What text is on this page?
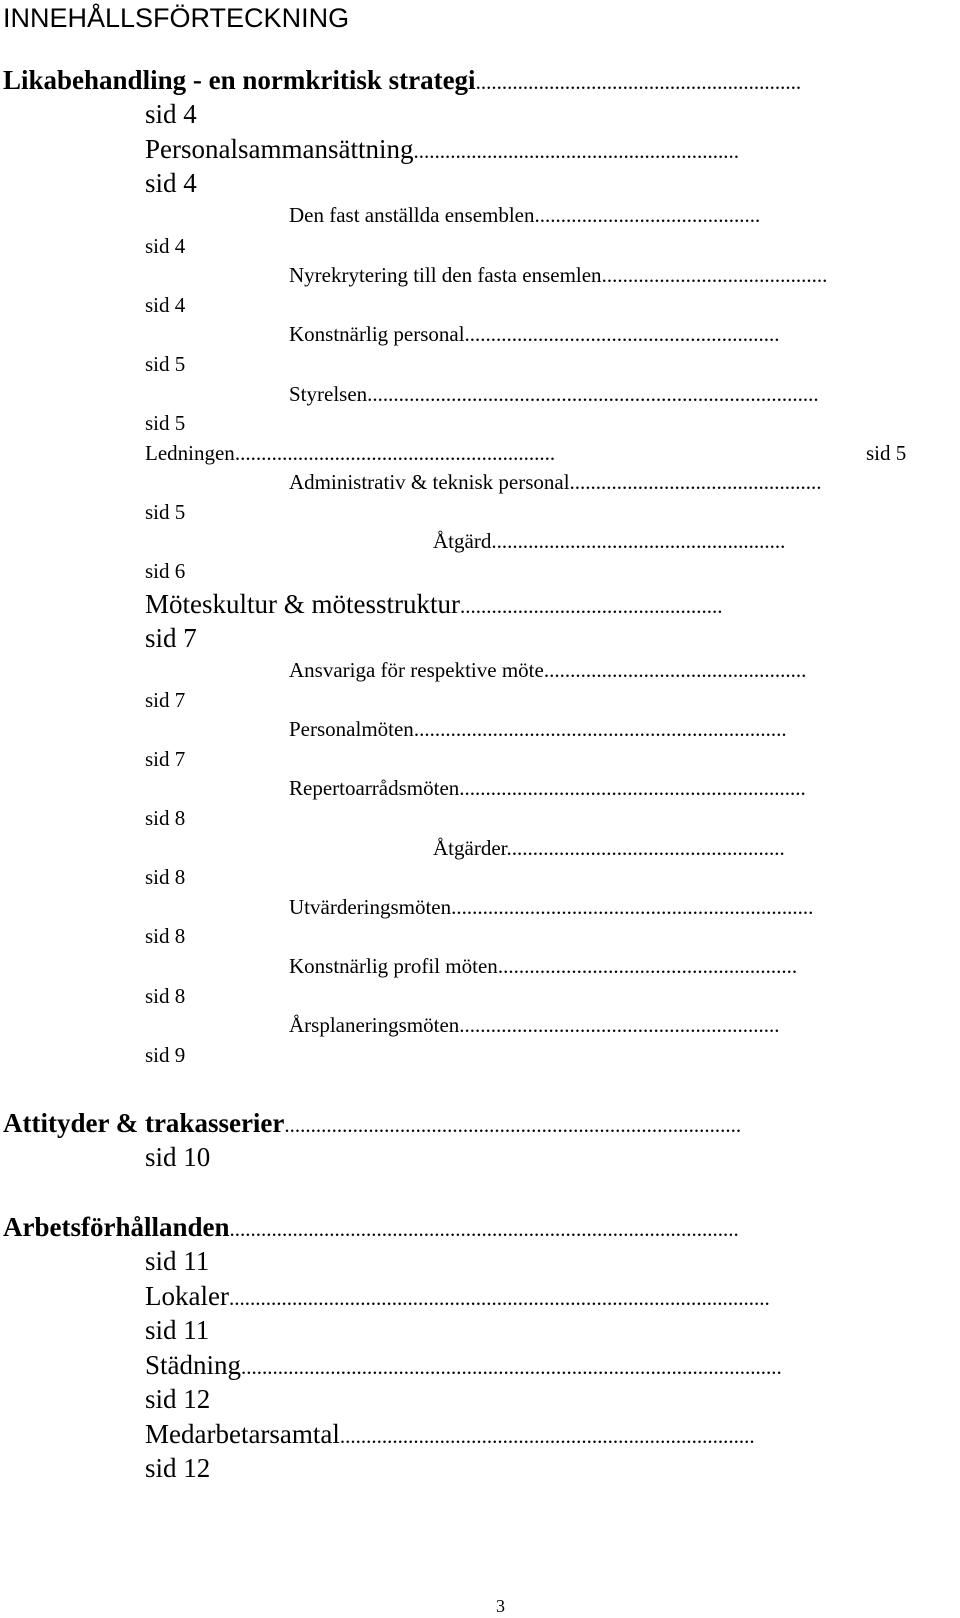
INNEHÅLLSFÖRTECKNING
Likabehandling - en normkritisk strategi..............................................................
sid 4
Personalsammansättning..............................................................
sid 4
Den fast anställda ensemblen...........................................
sid 4
Nyrekrytering till den fasta ensemlen...........................................
sid 4
Konstnärlig personal............................................................
sid 5
Styrelsen......................................................................................
sid 5
Ledningen.............................................................	sid 5
Administrativ & teknisk personal................................................
sid 5
Åtgärd........................................................
sid 6
Möteskultur & mötesstruktur..................................................
sid 7
Ansvariga för respektive möte..................................................
sid 7
Personalmöten.......................................................................
sid 7
Repertoarrådsmöten..................................................................
sid 8
Åtgärder.....................................................
sid 8
Utvärderingsmöten.....................................................................
sid 8
Konstnärlig profil möten.........................................................
sid 8
Årsplaneringsmöten.............................................................
sid 9
Attityder & trakasserier.......................................................................................
sid 10
Arbetsförhållanden.................................................................................................
sid 11
Lokaler.......................................................................................................
sid 11
Städning.......................................................................................................
sid 12
Medarbetarsamtal...............................................................................
sid 12
3
